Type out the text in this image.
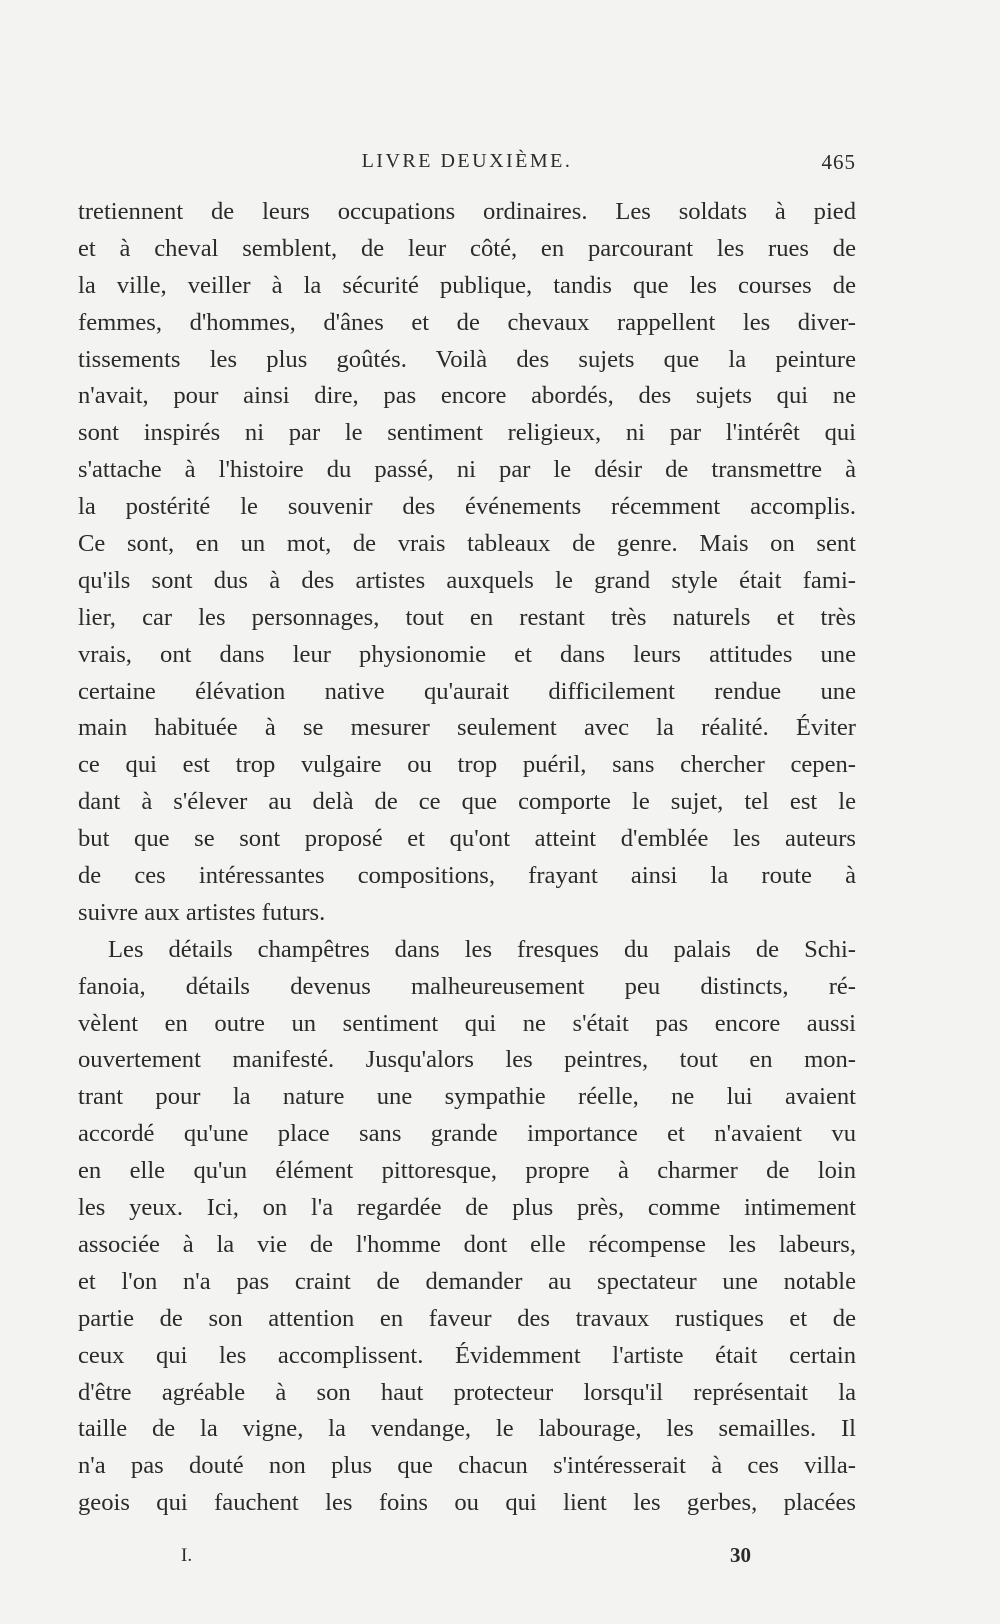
LIVRE DEUXIÈME.	465
tretiennent de leurs occupations ordinaires. Les soldats à pied
et à cheval semblent, de leur côté, en parcourant les rues de
la ville, veiller à la sécurité publique, tandis que les courses de
femmes, d'hommes, d'ânes et de chevaux rappellent les diver-
tissements les plus goûtés. Voilà des sujets que la peinture
n'avait, pour ainsi dire, pas encore abordés, des sujets qui ne
sont inspirés ni par le sentiment religieux, ni par l'intérêt qui
s'attache à l'histoire du passé, ni par le désir de transmettre à
la postérité le souvenir des événements récemment accomplis.
Ce sont, en un mot, de vrais tableaux de genre. Mais on sent
qu'ils sont dus à des artistes auxquels le grand style était fami-
lier, car les personnages, tout en restant très naturels et très
vrais, ont dans leur physionomie et dans leurs attitudes une
certaine élévation native qu'aurait difficilement rendue une
main habituée à se mesurer seulement avec la réalité. Éviter
ce qui est trop vulgaire ou trop puéril, sans chercher cepen-
dant à s'élever au delà de ce que comporte le sujet, tel est le
but que se sont proposé et qu'ont atteint d'emblée les auteurs
de ces intéressantes compositions, frayant ainsi la route à
suivre aux artistes futurs.
Les détails champêtres dans les fresques du palais de Schi-
fanoia, détails devenus malheureusement peu distincts, ré-
vèlent en outre un sentiment qui ne s'était pas encore aussi
ouvertement manifesté. Jusqu'alors les peintres, tout en mon-
trant pour la nature une sympathie réelle, ne lui avaient
accordé qu'une place sans grande importance et n'avaient vu
en elle qu'un élément pittoresque, propre à charmer de loin
les yeux. Ici, on l'a regardée de plus près, comme intimement
associée à la vie de l'homme dont elle récompense les labeurs,
et l'on n'a pas craint de demander au spectateur une notable
partie de son attention en faveur des travaux rustiques et de
ceux qui les accomplissent. Évidemment l'artiste était certain
d'être agréable à son haut protecteur lorsqu'il représentait la
taille de la vigne, la vendange, le labourage, les semailles. Il
n'a pas douté non plus que chacun s'intéresserait à ces villa-
geois qui fauchent les foins ou qui lient les gerbes, placées
I.	30
